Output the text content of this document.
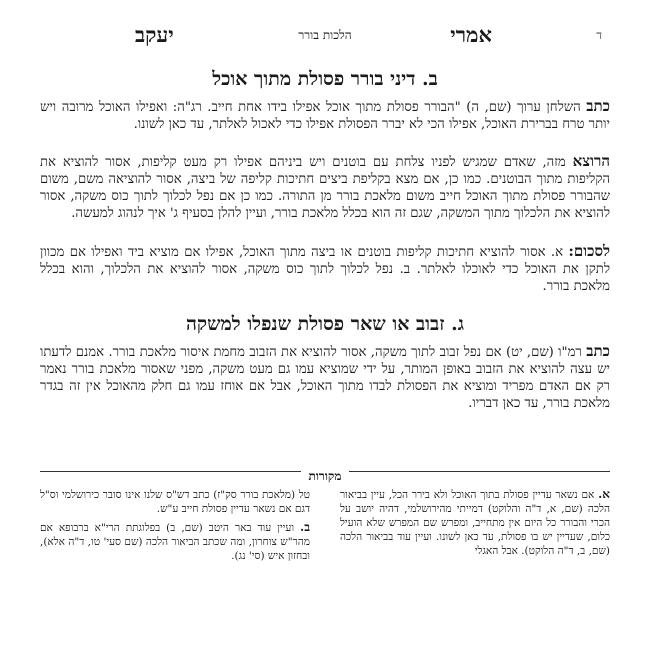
ד
אמרי
הלכות בורר
יעקב
ב. דיני בורר פסולת מתוך אוכל
כתב השלחן ערוך (שם, ה) "הבורר פסולת מתוך אוכל אפילו בידו אחת חייב. רג"ה: ואפילו האוכל מרובה ויש יותר טרח בברירת האוכל, אפילו הכי לא יברר הפסולת אפילו כדי לאכול לאלתר, עד כאן לשונו.
הרוצא מזה, שאדם שמגיש לפניו צלחת עם בוטנים ויש ביניהם אפילו רק מעט קליפות, אסור להוציא את הקליפות מתוך הבוטנים. כמו כן, אם מצא בקליפת ביצים חתיכות קליפה של ביצה, אסור להוציאה משם, משום שהבורר פסולת מתוך האוכל חייב משום מלאכת בורר מן התורה. כמו כן אם נפל לכלוך לתוך כוס משקה, אסור להוציא את הלכלוך מתוך המשקה, שגם זה הוא בכלל מלאכת בורר, ועיין להלן בסעיף ג' איך לנהוג למעשה.
לסכום: א. אסור להוציא חתיכות קליפות בוטנים או ביצה מתוך האוכל, אפילו אם מוציא ביד ואפילו אם מכוון לתקן את האוכל כדי לאוכלו לאלתר. ב. נפל לכלוך לתוך כוס משקה, אסור להוציא את הלכלוך, והוא בכלל מלאכת בורר.
ג. זבוב או שאר פסולת שנפלו למשקה
כתב רמ"ו (שם, יט) אם נפל זבוב לתוך משקה, אסור להוציא את הזבוב מחמת איסור מלאכת בורר. אמנם לדעתו יש עצה להוציא את הזבוב באופן המותר, על ידי שמוציא עמו גם מעט משקה, מפני שאסור מלאכת בורר נאמר רק אם האדם מפריד ומוציא את הפסולת לבדו מתוך האוכל, אבל אם אוחז עמו גם חלק מהאוכל אין זה בגדר מלאכת בורר, עד כאן דבריו.
מקורות

א. אם נשאר עדיין פסולת בתוך האוכל ולא בירר הכל, עיין בביאור הלכה (שם, א, ד"ה והלוקט) דמייתי מהירושלמי, דהיה יושב על הכרי והבורר כל היום אין מתחייב, ומפרש שם המפרש שלא הועיל כלום, שעדיין יש בו פסולת, עד כאן לשונו. ועיין עוד בביאור הלכה (שם, ב, ד"ה הלוקט). אבל האגלי

טל (מלאכת בורר סק"ז) כתב דש"ס שלנו אינו סובר כירושלמי וס"ל דגם אם נשאר עדיין פסולת חייב ע"ש.

ב. ועיין עוד באר היטב (שם, ב) בפלוגתת הרי"א ברבופא אם מהר"ש צוחרון, ומה שכתב הביאור הלכה (שם סעי' טו, ד"ה אלא), ובחזון איש (סי' נג).
